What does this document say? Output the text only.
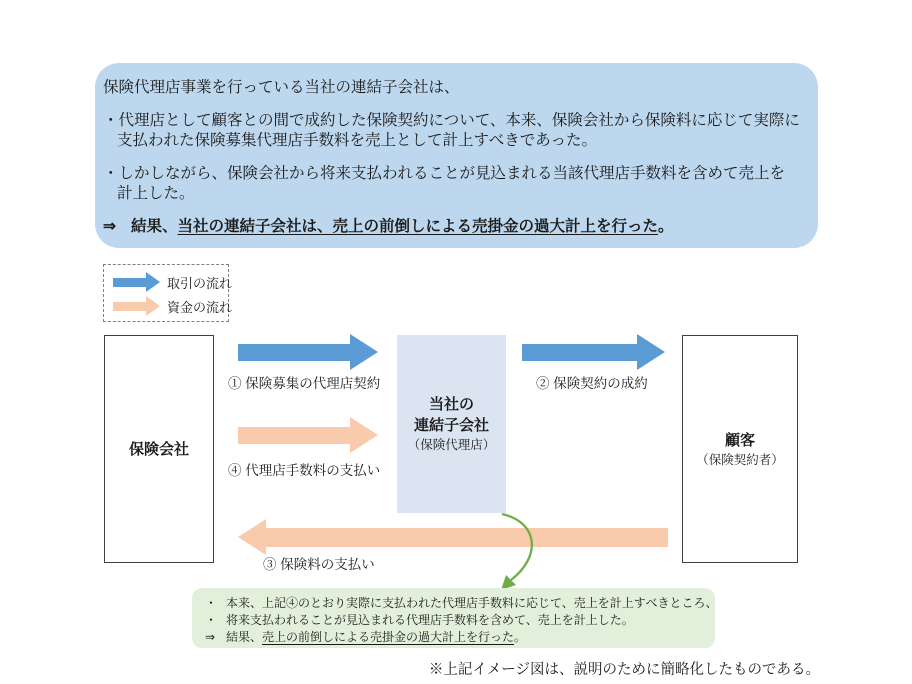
保険代理店事業を行っている当社の連結子会社は、

・代理店として顧客との間で成約した保険契約について、本来、保険会社から保険料に応じて実際に支払われた保険募集代理店手数料を売上として計上すべきであった。

・しかしながら、保険会社から将来支払われることが見込まれる当該代理店手数料を含めて売上を計上した。

⇒ 結果、当社の連結子会社は、売上の前倒しによる売掛金の過大計上を行った。

取引の流れ
資金の流れ
保険会社
当社の
連結子会社
（保険代理店）	顧客
（保険契約者）
① 保険募集の代理店契約	② 保険契約の成約
④ 代理店手数料の支払い
③ 保険料の支払い
・ 本来、上記④のとおり実際に支払われた代理店手数料に応じて、売上を計上すべきところ、
・ 将来支払われることが見込まれる代理店手数料を含めて、売上を計上した。
⇒ 結果、売上の前倒しによる売掛金の過大計上を行った。
※上記イメージ図は、説明のために簡略化したものである。
